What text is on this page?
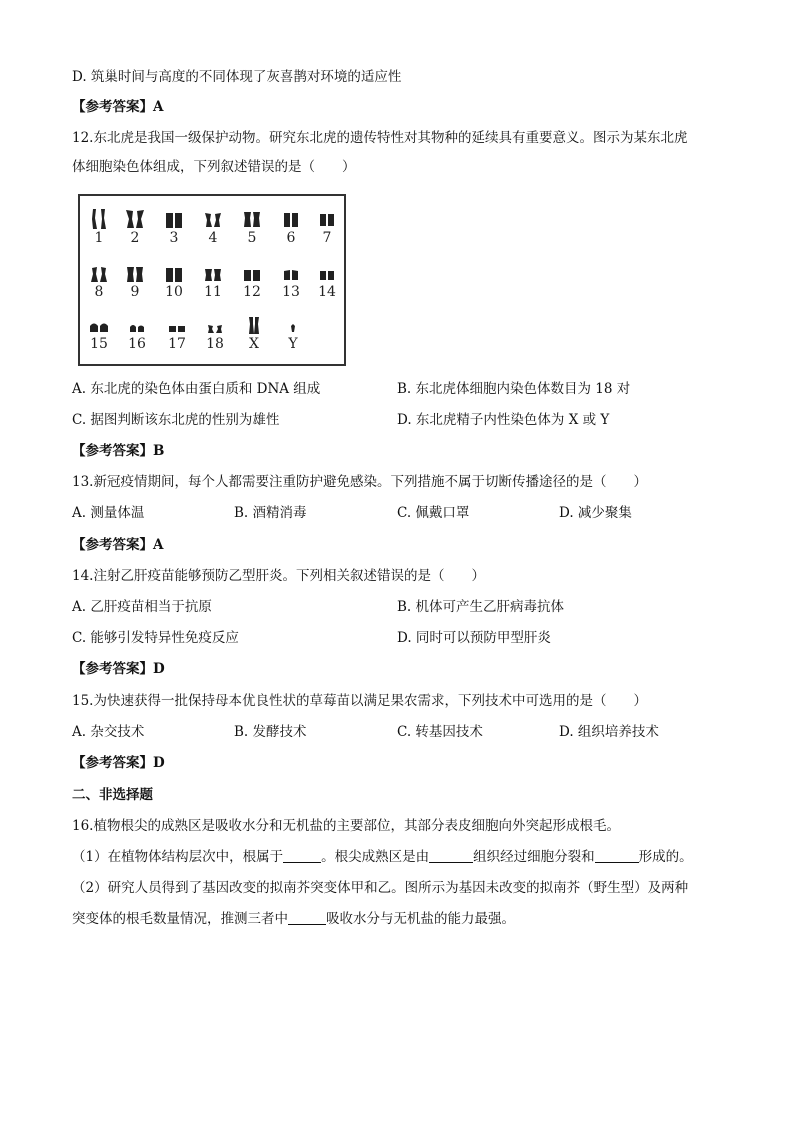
D. 筑巢时间与高度的不同体现了灰喜鹊对环境的适应性
【参考答案】A
12.东北虎是我国一级保护动物。研究东北虎的遗传特性对其物种的延续具有重要意义。图示为某东北虎
体细胞染色体组成，下列叙述错误的是（　　）
1	2	3	4	5	6	7
8	9	10	11	12	13	14
15	16	17	18	X	Y
A. 东北虎的染色体由蛋白质和 DNA 组成	B. 东北虎体细胞内染色体数目为 18 对
C. 据图判断该东北虎的性别为雄性	D. 东北虎精子内性染色体为 X 或 Y
【参考答案】B
13.新冠疫情期间，每个人都需要注重防护避免感染。下列措施不属于切断传播途径的是（　　）
A. 测量体温	B. 酒精消毒	C. 佩戴口罩	D. 减少聚集
【参考答案】A
14.注射乙肝疫苗能够预防乙型肝炎。下列相关叙述错误的是（　　）
A. 乙肝疫苗相当于抗原	B. 机体可产生乙肝病毒抗体
C. 能够引发特异性免疫反应	D. 同时可以预防甲型肝炎
【参考答案】D
15.为快速获得一批保持母本优良性状的草莓苗以满足果农需求，下列技术中可选用的是（　　）
A. 杂交技术	B. 发酵技术	C. 转基因技术	D. 组织培养技术
【参考答案】D
二、非选择题
16.植物根尖的成熟区是吸收水分和无机盐的主要部位，其部分表皮细胞向外突起形成根毛。
（1）在植物体结构层次中，根属于	。根尖成熟区是由	组织经过细胞分裂和	形成的。
（2）研究人员得到了基因改变的拟南芥突变体甲和乙。图所示为基因未改变的拟南芥（野生型）及两种
突变体的根毛数量情况，推测三者中	吸收水分与无机盐的能力最强。
